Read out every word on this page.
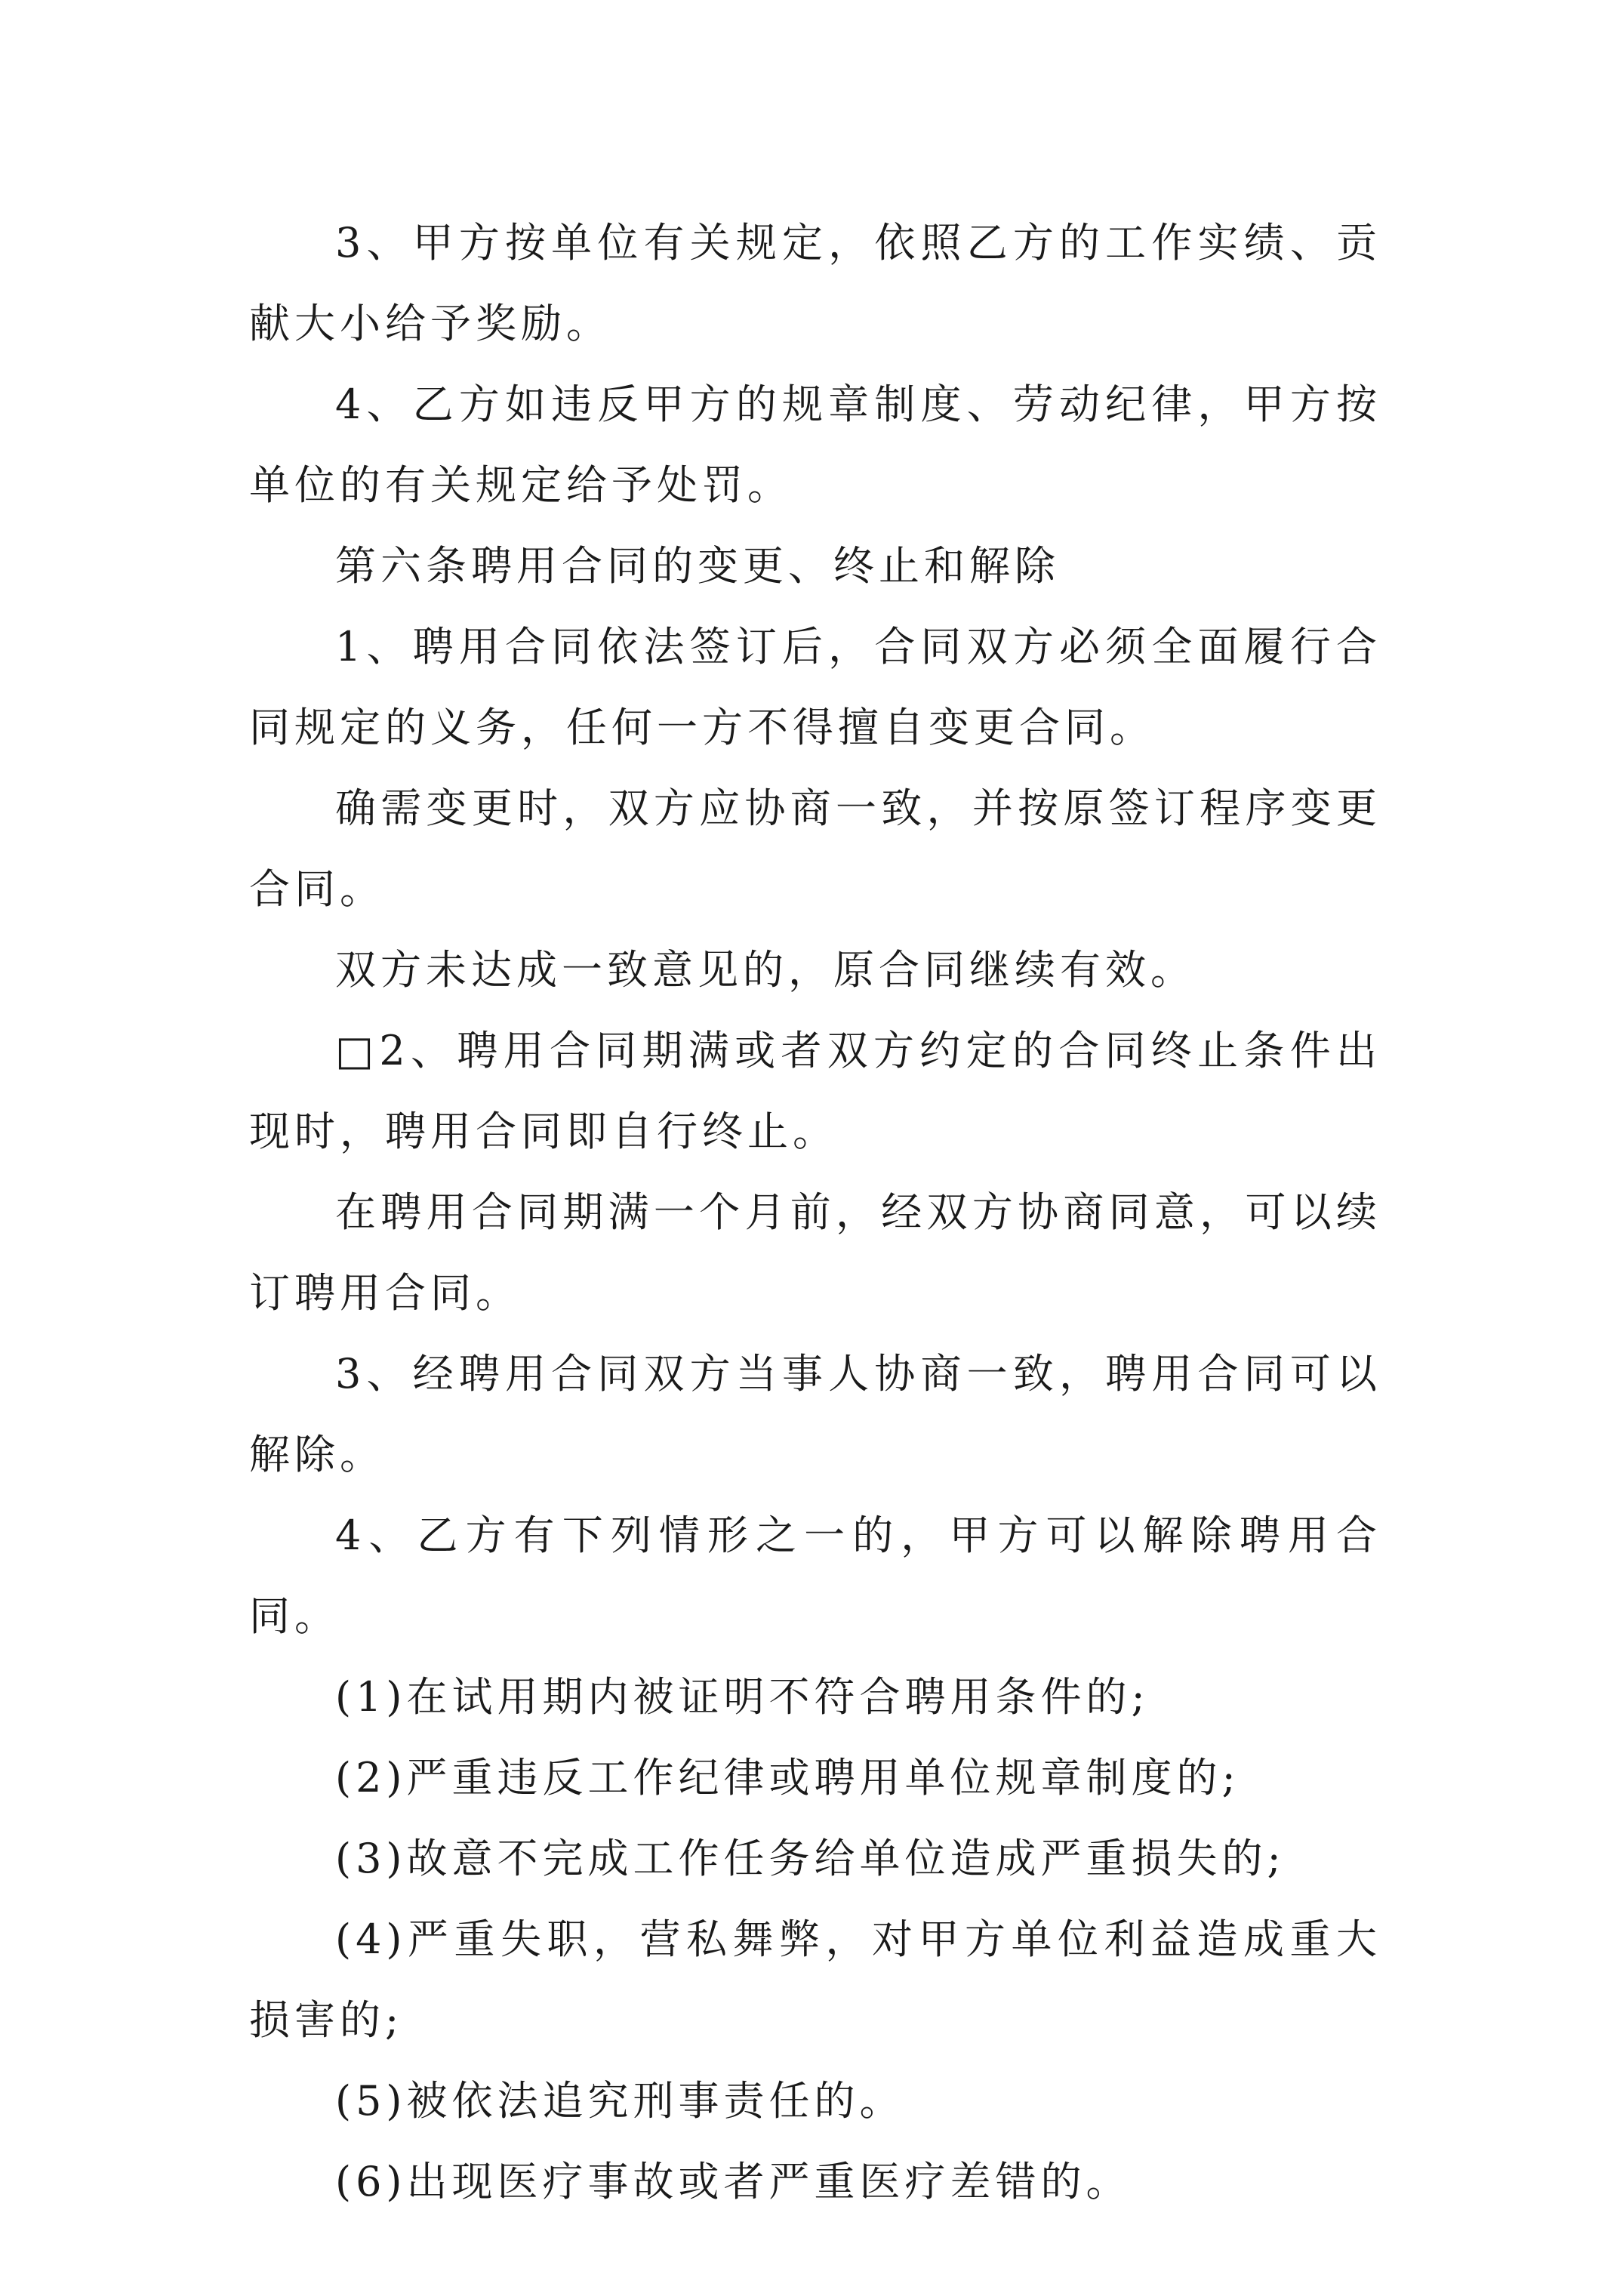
3、甲方按单位有关规定，依照乙方的工作实绩、贡献大小给予奖励。

4、乙方如违反甲方的规章制度、劳动纪律，甲方按单位的有关规定给予处罚。

第六条聘用合同的变更、终止和解除

1、聘用合同依法签订后，合同双方必须全面履行合同规定的义务，任何一方不得擅自变更合同。

确需变更时，双方应协商一致，并按原签订程序变更合同。

双方未达成一致意见的，原合同继续有效。

□2、聘用合同期满或者双方约定的合同终止条件出现时，聘用合同即自行终止。

在聘用合同期满一个月前，经双方协商同意，可以续订聘用合同。

3、经聘用合同双方当事人协商一致，聘用合同可以解除。

4、乙方有下列情形之一的，甲方可以解除聘用合同。

(1)在试用期内被证明不符合聘用条件的;

(2)严重违反工作纪律或聘用单位规章制度的;

(3)故意不完成工作任务给单位造成严重损失的;

(4)严重失职，营私舞弊，对甲方单位利益造成重大损害的;

(5)被依法追究刑事责任的。

(6)出现医疗事故或者严重医疗差错的。
